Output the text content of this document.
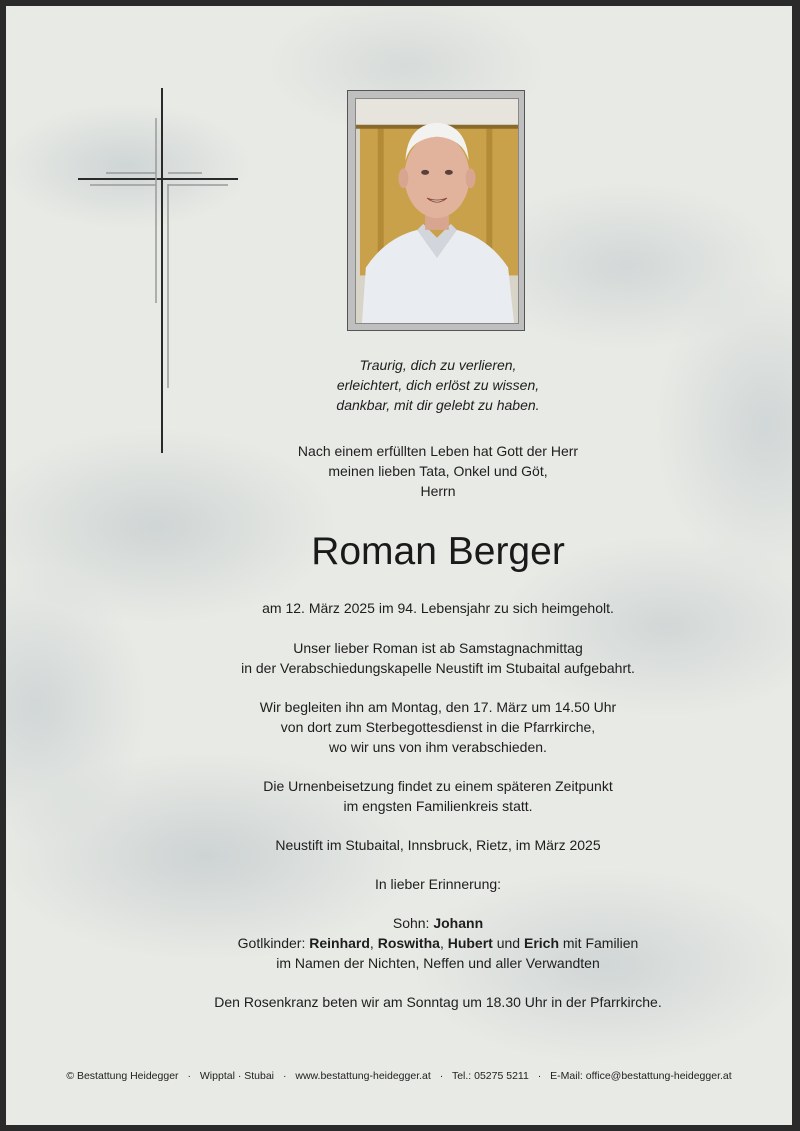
Traurig, dich zu verlieren,

erleichtert, dich erlöst zu wissen,

dankbar, mit dir gelebt zu haben.

Nach einem erfüllten Leben hat Gott der Herr

meinen lieben Tata, Onkel und Göt,

Herrn

Roman Berger

am 12. März 2025 im 94. Lebensjahr zu sich heimgeholt.

Unser lieber Roman ist ab Samstagnachmittag

in der Verabschiedungskapelle Neustift im Stubaital aufgebahrt.

Wir begleiten ihn am Montag, den 17. März um 14.50 Uhr

von dort zum Sterbegottesdienst in die Pfarrkirche,

wo wir uns von ihm verabschieden.

Die Urnenbeisetzung findet zu einem späteren Zeitpunkt

im engsten Familienkreis statt.

Neustift im Stubaital, Innsbruck, Rietz, im März 2025

In lieber Erinnerung:

Sohn: Johann

Gotlkinder: Reinhard, Roswitha, Hubert und Erich mit Familien

im Namen der Nichten, Neffen und aller Verwandten

Den Rosenkranz beten wir am Sonntag um 18.30 Uhr in der Pfarrkirche.

© Bestattung Heidegger · Wipptal · Stubai · www.bestattung-heidegger.at · Tel.: 05275 5211 · E-Mail: office@bestattung-heidegger.at
